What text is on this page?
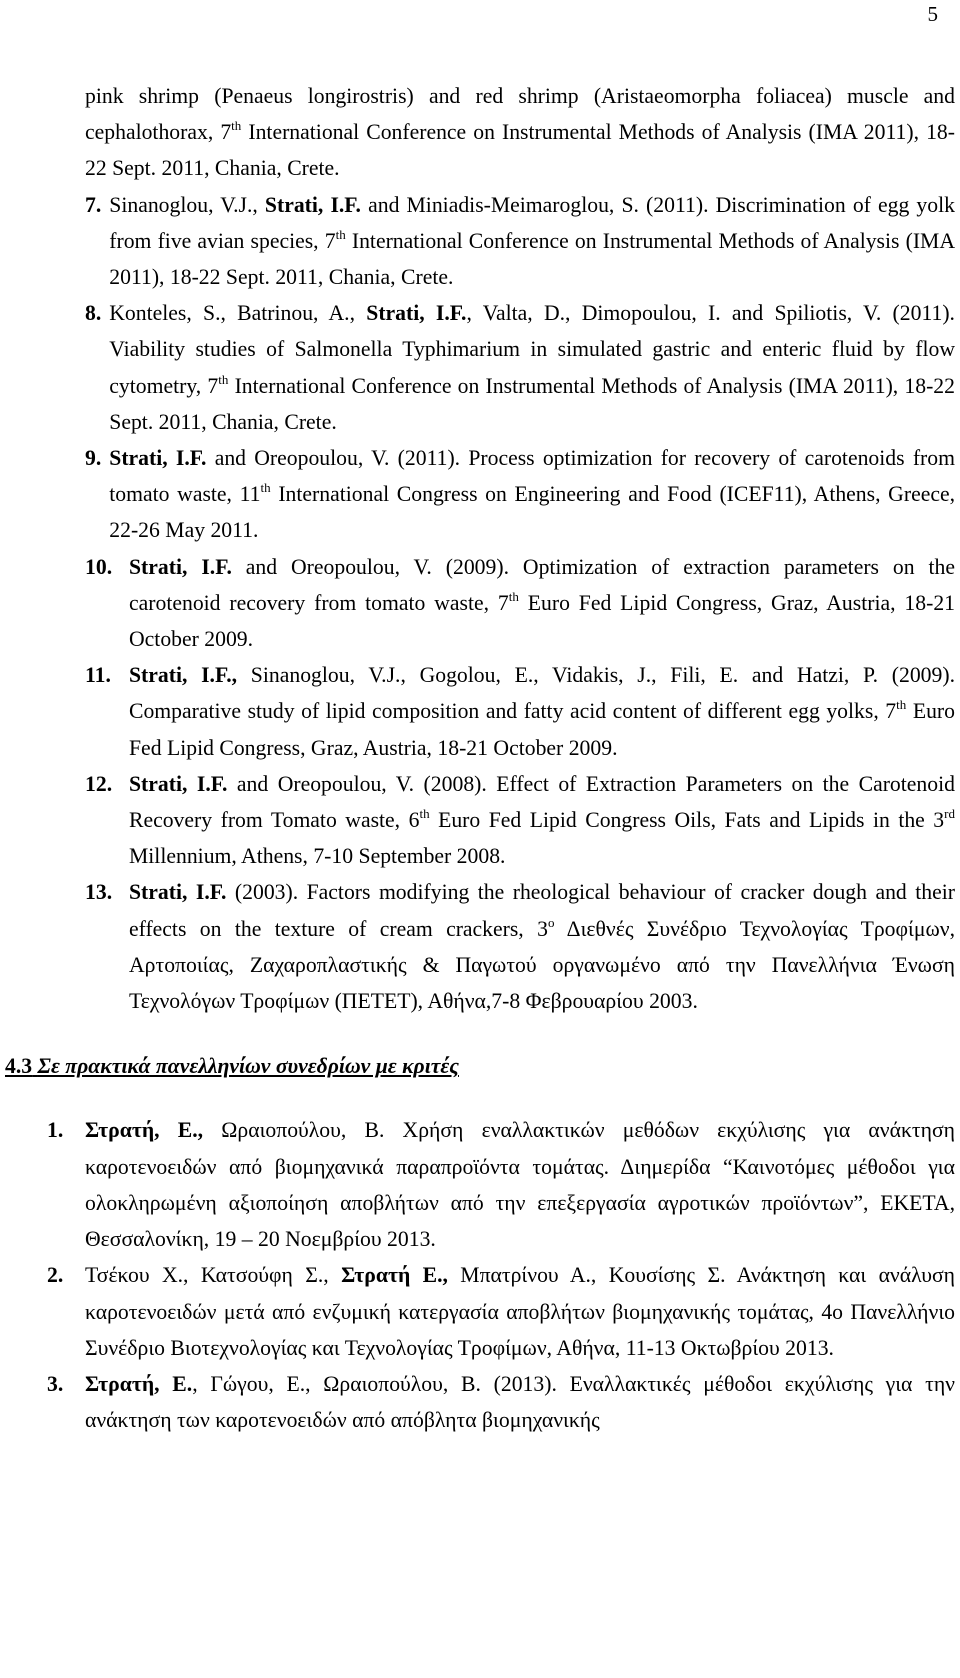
5
pink shrimp (Penaeus longirostris) and red shrimp (Aristaeomorpha foliacea) muscle and cephalothorax, 7th International Conference on Instrumental Methods of Analysis (IMA 2011), 18-22 Sept. 2011, Chania, Crete.
7. Sinanoglou, V.J., Strati, I.F. and Miniadis-Meimaroglou, S. (2011). Discrimination of egg yolk from five avian species, 7th International Conference on Instrumental Methods of Analysis (IMA 2011), 18-22 Sept. 2011, Chania, Crete.
8. Konteles, S., Batrinou, A., Strati, I.F., Valta, D., Dimopoulou, I. and Spiliotis, V. (2011). Viability studies of Salmonella Typhimarium in simulated gastric and enteric fluid by flow cytometry, 7th International Conference on Instrumental Methods of Analysis (IMA 2011), 18-22 Sept. 2011, Chania, Crete.
9. Strati, I.F. and Oreopoulou, V. (2011). Process optimization for recovery of carotenoids from tomato waste, 11th International Congress on Engineering and Food (ICEF11), Athens, Greece, 22-26 May 2011.
10. Strati, I.F. and Oreopoulou, V. (2009). Optimization of extraction parameters on the carotenoid recovery from tomato waste, 7th Euro Fed Lipid Congress, Graz, Austria, 18-21 October 2009.
11. Strati, I.F., Sinanoglou, V.J., Gogolou, E., Vidakis, J., Fili, E. and Hatzi, P. (2009). Comparative study of lipid composition and fatty acid content of different egg yolks, 7th Euro Fed Lipid Congress, Graz, Austria, 18-21 October 2009.
12. Strati, I.F. and Oreopoulou, V. (2008). Effect of Extraction Parameters on the Carotenoid Recovery from Tomato waste, 6th Euro Fed Lipid Congress Oils, Fats and Lipids in the 3rd Millennium, Athens, 7-10 September 2008.
13. Strati, I.F. (2003). Factors modifying the rheological behaviour of cracker dough and their effects on the texture of cream crackers, $3^o$ Διεθνές Συνέδριο Τεχνολογίας Τροφίμων, Αρτοποιίας, Ζαχαροπλαστικής & Παγωτού οργανωμένο από την Πανελλήνια Ένωση Τεχνολόγων Τροφίμων (ΠΕΤΕΤ), Αθήνα,7-8 Φεβρουαρίου 2003.
4.3 Σε πρακτικά πανελληνίων συνεδρίων με κριτές
1.	Στρατή, Ε., Ωραιοπούλου, Β. Χρήση εναλλακτικών μεθόδων εκχύλισης για ανάκτηση καροτενοειδών από βιομηχανικά παραπροϊόντα τομάτας. Διημερίδα “Καινοτόμες μέθοδοι για ολοκληρωμένη αξιοποίηση αποβλήτων από την επεξεργασία αγροτικών προϊόντων”, ΕΚΕΤΑ, Θεσσαλονίκη, 19 – 20 Νοεμβρίου 2013.
2.	Τσέκου Χ., Κατσούφη Σ., Στρατή Ε., Μπατρίνου Α., Κουσίσης Σ. Ανάκτηση και ανάλυση καροτενοειδών μετά από ενζυμική κατεργασία αποβλήτων βιομηχανικής τομάτας, 4ο Πανελλήνιο Συνέδριο Βιοτεχνολογίας και Τεχνολογίας Τροφίμων, Αθήνα, 11-13 Οκτωβρίου 2013.
3.	Στρατή, Ε., Γώγου, Ε., Ωραιοπούλου, Β. (2013). Εναλλακτικές μέθοδοι εκχύλισης για την ανάκτηση των καροτενοειδών από απόβλητα βιομηχανικής
